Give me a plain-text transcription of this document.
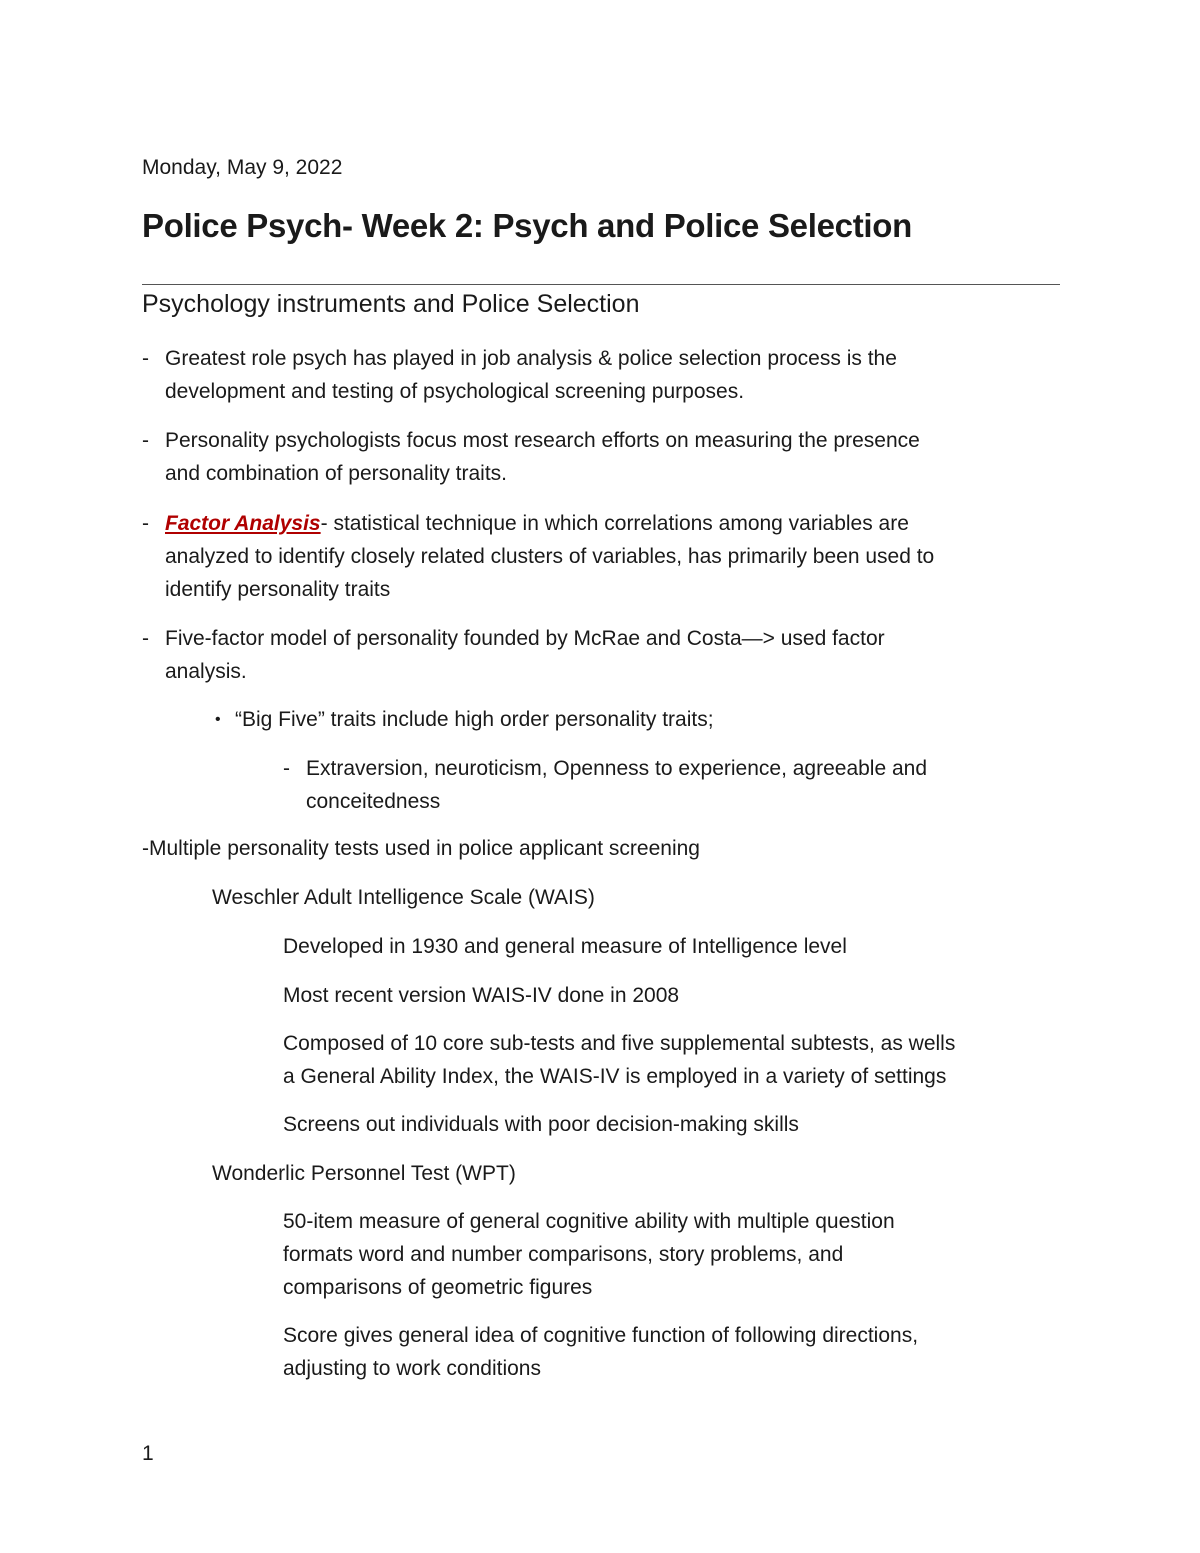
Monday, May 9, 2022

Police Psych- Week 2: Psych and Police Selection
Psychology instruments and Police Selection
- Greatest role psych has played in job analysis & police selection process is the
development and testing of psychological screening purposes.
- Personality psychologists focus most research efforts on measuring the presence
and combination of personality traits.
- Factor Analysis- statistical technique in which correlations among variables are
analyzed to identify closely related clusters of variables, has primarily been used to
identify personality traits
- Five-factor model of personality founded by McRae and Costa—> used factor
analysis.
• “Big Five” traits include high order personality traits;
- Extraversion, neuroticism, Openness to experience, agreeable and
conceitedness
-Multiple personality tests used in police applicant screening
Weschler Adult Intelligence Scale (WAIS)
Developed in 1930 and general measure of Intelligence level
Most recent version WAIS-IV done in 2008
Composed of 10 core sub-tests and five supplemental subtests, as wells
a General Ability Index, the WAIS-IV is employed in a variety of settings
Screens out individuals with poor decision-making skills
Wonderlic Personnel Test (WPT)
50-item measure of general cognitive ability with multiple question
formats word and number comparisons, story problems, and
comparisons of geometric figures
Score gives general idea of cognitive function of following directions,
adjusting to work conditions

1
